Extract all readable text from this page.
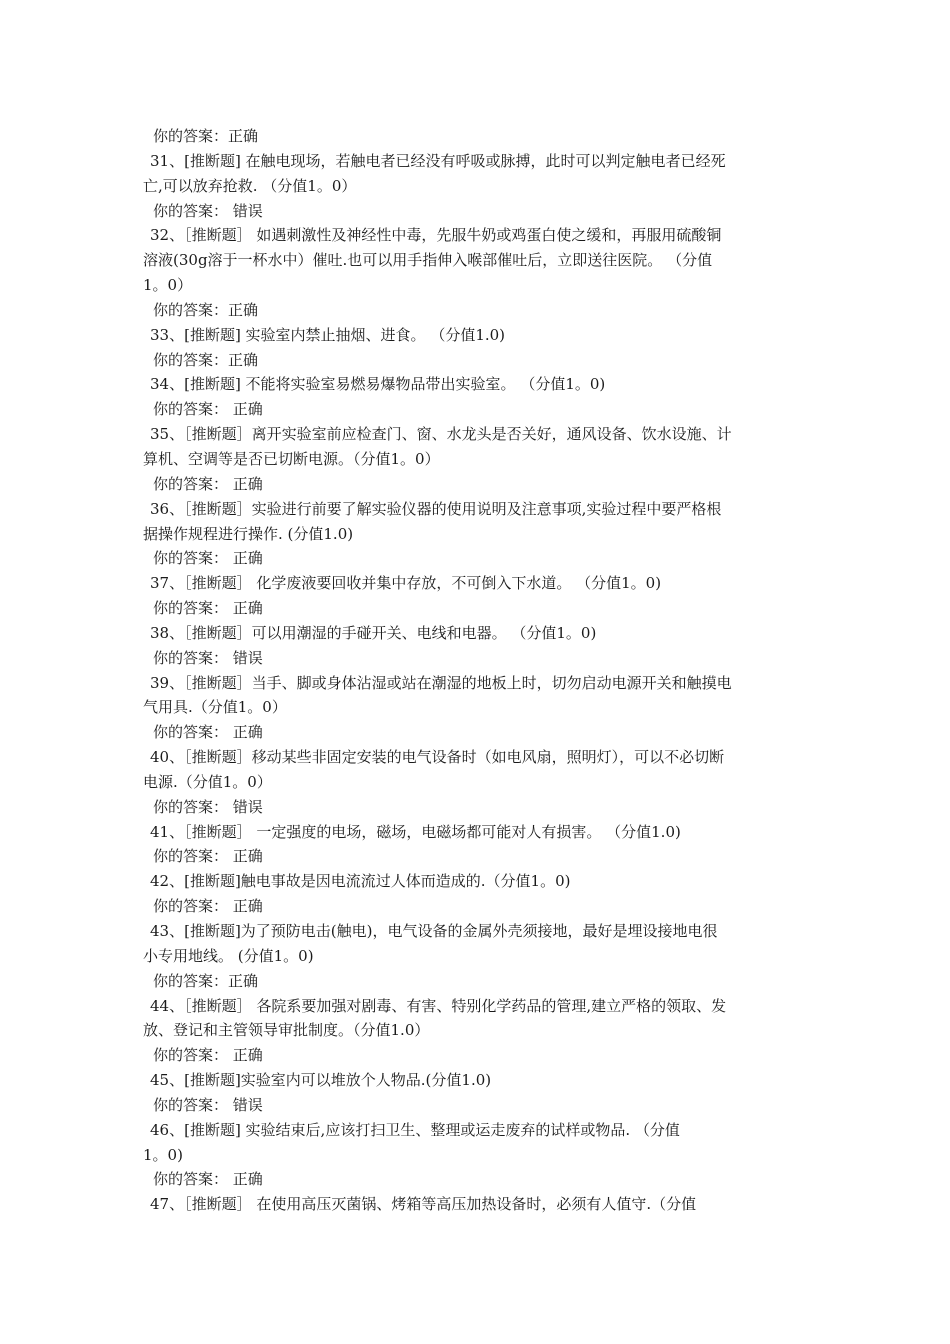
你的答案：正确
31、[推断题] 在触电现场，若触电者已经没有呼吸或脉搏，此时可以判定触电者已经死
亡,可以放弃抢救. （分值1。0）
你的答案： 错误
32、［推断题］ 如遇刺激性及神经性中毒，先服牛奶或鸡蛋白使之缓和，再服用硫酸铜
溶液(30g溶于一杯水中）催吐.也可以用手指伸入喉部催吐后，立即送往医院。 （分值
1。0）
你的答案：正确
33、[推断题] 实验室内禁止抽烟、进食。 （分值1.0)
你的答案：正确
34、[推断题] 不能将实验室易燃易爆物品带出实验室。 （分值1。0)
你的答案： 正确
35、［推断题］离开实验室前应检查门、窗、水龙头是否关好，通风设备、饮水设施、计
算机、空调等是否已切断电源。（分值1。0）
你的答案： 正确
36、［推断题］实验进行前要了解实验仪器的使用说明及注意事项,实验过程中要严格根
据操作规程进行操作. (分值1.0)
你的答案： 正确
37、［推断题］ 化学废液要回收并集中存放，不可倒入下水道。 （分值1。0)
你的答案： 正确
38、［推断题］可以用潮湿的手碰开关、电线和电器。 （分值1。0)
你的答案： 错误
39、［推断题］当手、脚或身体沾湿或站在潮湿的地板上时，切勿启动电源开关和触摸电
气用具.（分值1。0）
你的答案： 正确
40、［推断题］移动某些非固定安装的电气设备时（如电风扇，照明灯），可以不必切断
电源.（分值1。0）
你的答案： 错误
41、［推断题］ 一定强度的电场，磁场，电磁场都可能对人有损害。 （分值1.0)
你的答案： 正确
42、[推断题]触电事故是因电流流过人体而造成的.（分值1。0)
你的答案： 正确
43、[推断题]为了预防电击(触电)，电气设备的金属外壳须接地，最好是埋设接地电很
小专用地线。 (分值1。0)
你的答案：正确
44、［推断题］ 各院系要加强对剧毒、有害、特别化学药品的管理,建立严格的领取、发
放、登记和主管领导审批制度。（分值1.0）
你的答案： 正确
45、[推断题]实验室内可以堆放个人物品.(分值1.0)
你的答案： 错误
46、[推断题] 实验结束后,应该打扫卫生、整理或运走废弃的试样或物品. （分值
1。0)
你的答案： 正确
47、［推断题］ 在使用高压灭菌锅、烤箱等高压加热设备时，必须有人值守.（分值
